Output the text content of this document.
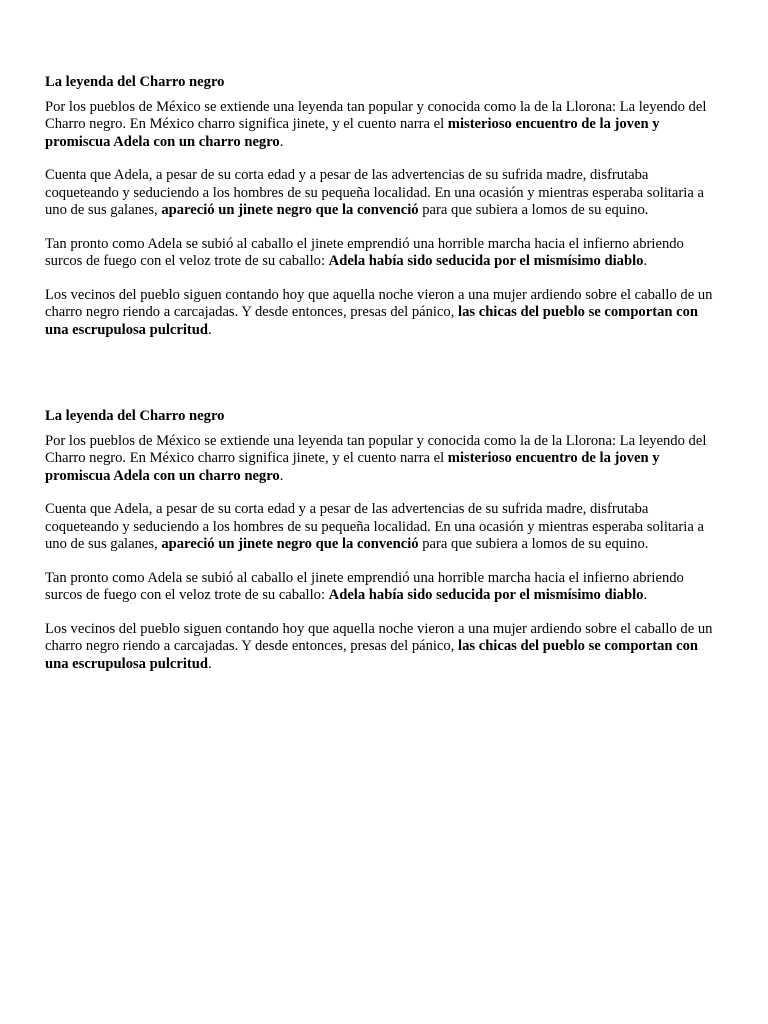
La leyenda del Charro negro

Por los pueblos de México se extiende una leyenda tan popular y conocida como la de la Llorona: La leyendo del Charro negro. En México charro significa jinete, y el cuento narra el misterioso encuentro de la joven y promiscua Adela con un charro negro.

Cuenta que Adela, a pesar de su corta edad y a pesar de las advertencias de su sufrida madre, disfrutaba coqueteando y seduciendo a los hombres de su pequeña localidad. En una ocasión y mientras esperaba solitaria a uno de sus galanes, apareció un jinete negro que la convenció para que subiera a lomos de su equino.

Tan pronto como Adela se subió al caballo el jinete emprendió una horrible marcha hacia el infierno abriendo surcos de fuego con el veloz trote de su caballo: Adela había sido seducida por el mismísimo diablo.

Los vecinos del pueblo siguen contando hoy que aquella noche vieron a una mujer ardiendo sobre el caballo de un charro negro riendo a carcajadas. Y desde entonces, presas del pánico, las chicas del pueblo se comportan con una escrupulosa pulcritud.

La leyenda del Charro negro

Por los pueblos de México se extiende una leyenda tan popular y conocida como la de la Llorona: La leyendo del Charro negro. En México charro significa jinete, y el cuento narra el misterioso encuentro de la joven y promiscua Adela con un charro negro.

Cuenta que Adela, a pesar de su corta edad y a pesar de las advertencias de su sufrida madre, disfrutaba coqueteando y seduciendo a los hombres de su pequeña localidad. En una ocasión y mientras esperaba solitaria a uno de sus galanes, apareció un jinete negro que la convenció para que subiera a lomos de su equino.

Tan pronto como Adela se subió al caballo el jinete emprendió una horrible marcha hacia el infierno abriendo surcos de fuego con el veloz trote de su caballo: Adela había sido seducida por el mismísimo diablo.

Los vecinos del pueblo siguen contando hoy que aquella noche vieron a una mujer ardiendo sobre el caballo de un charro negro riendo a carcajadas. Y desde entonces, presas del pánico, las chicas del pueblo se comportan con una escrupulosa pulcritud.
